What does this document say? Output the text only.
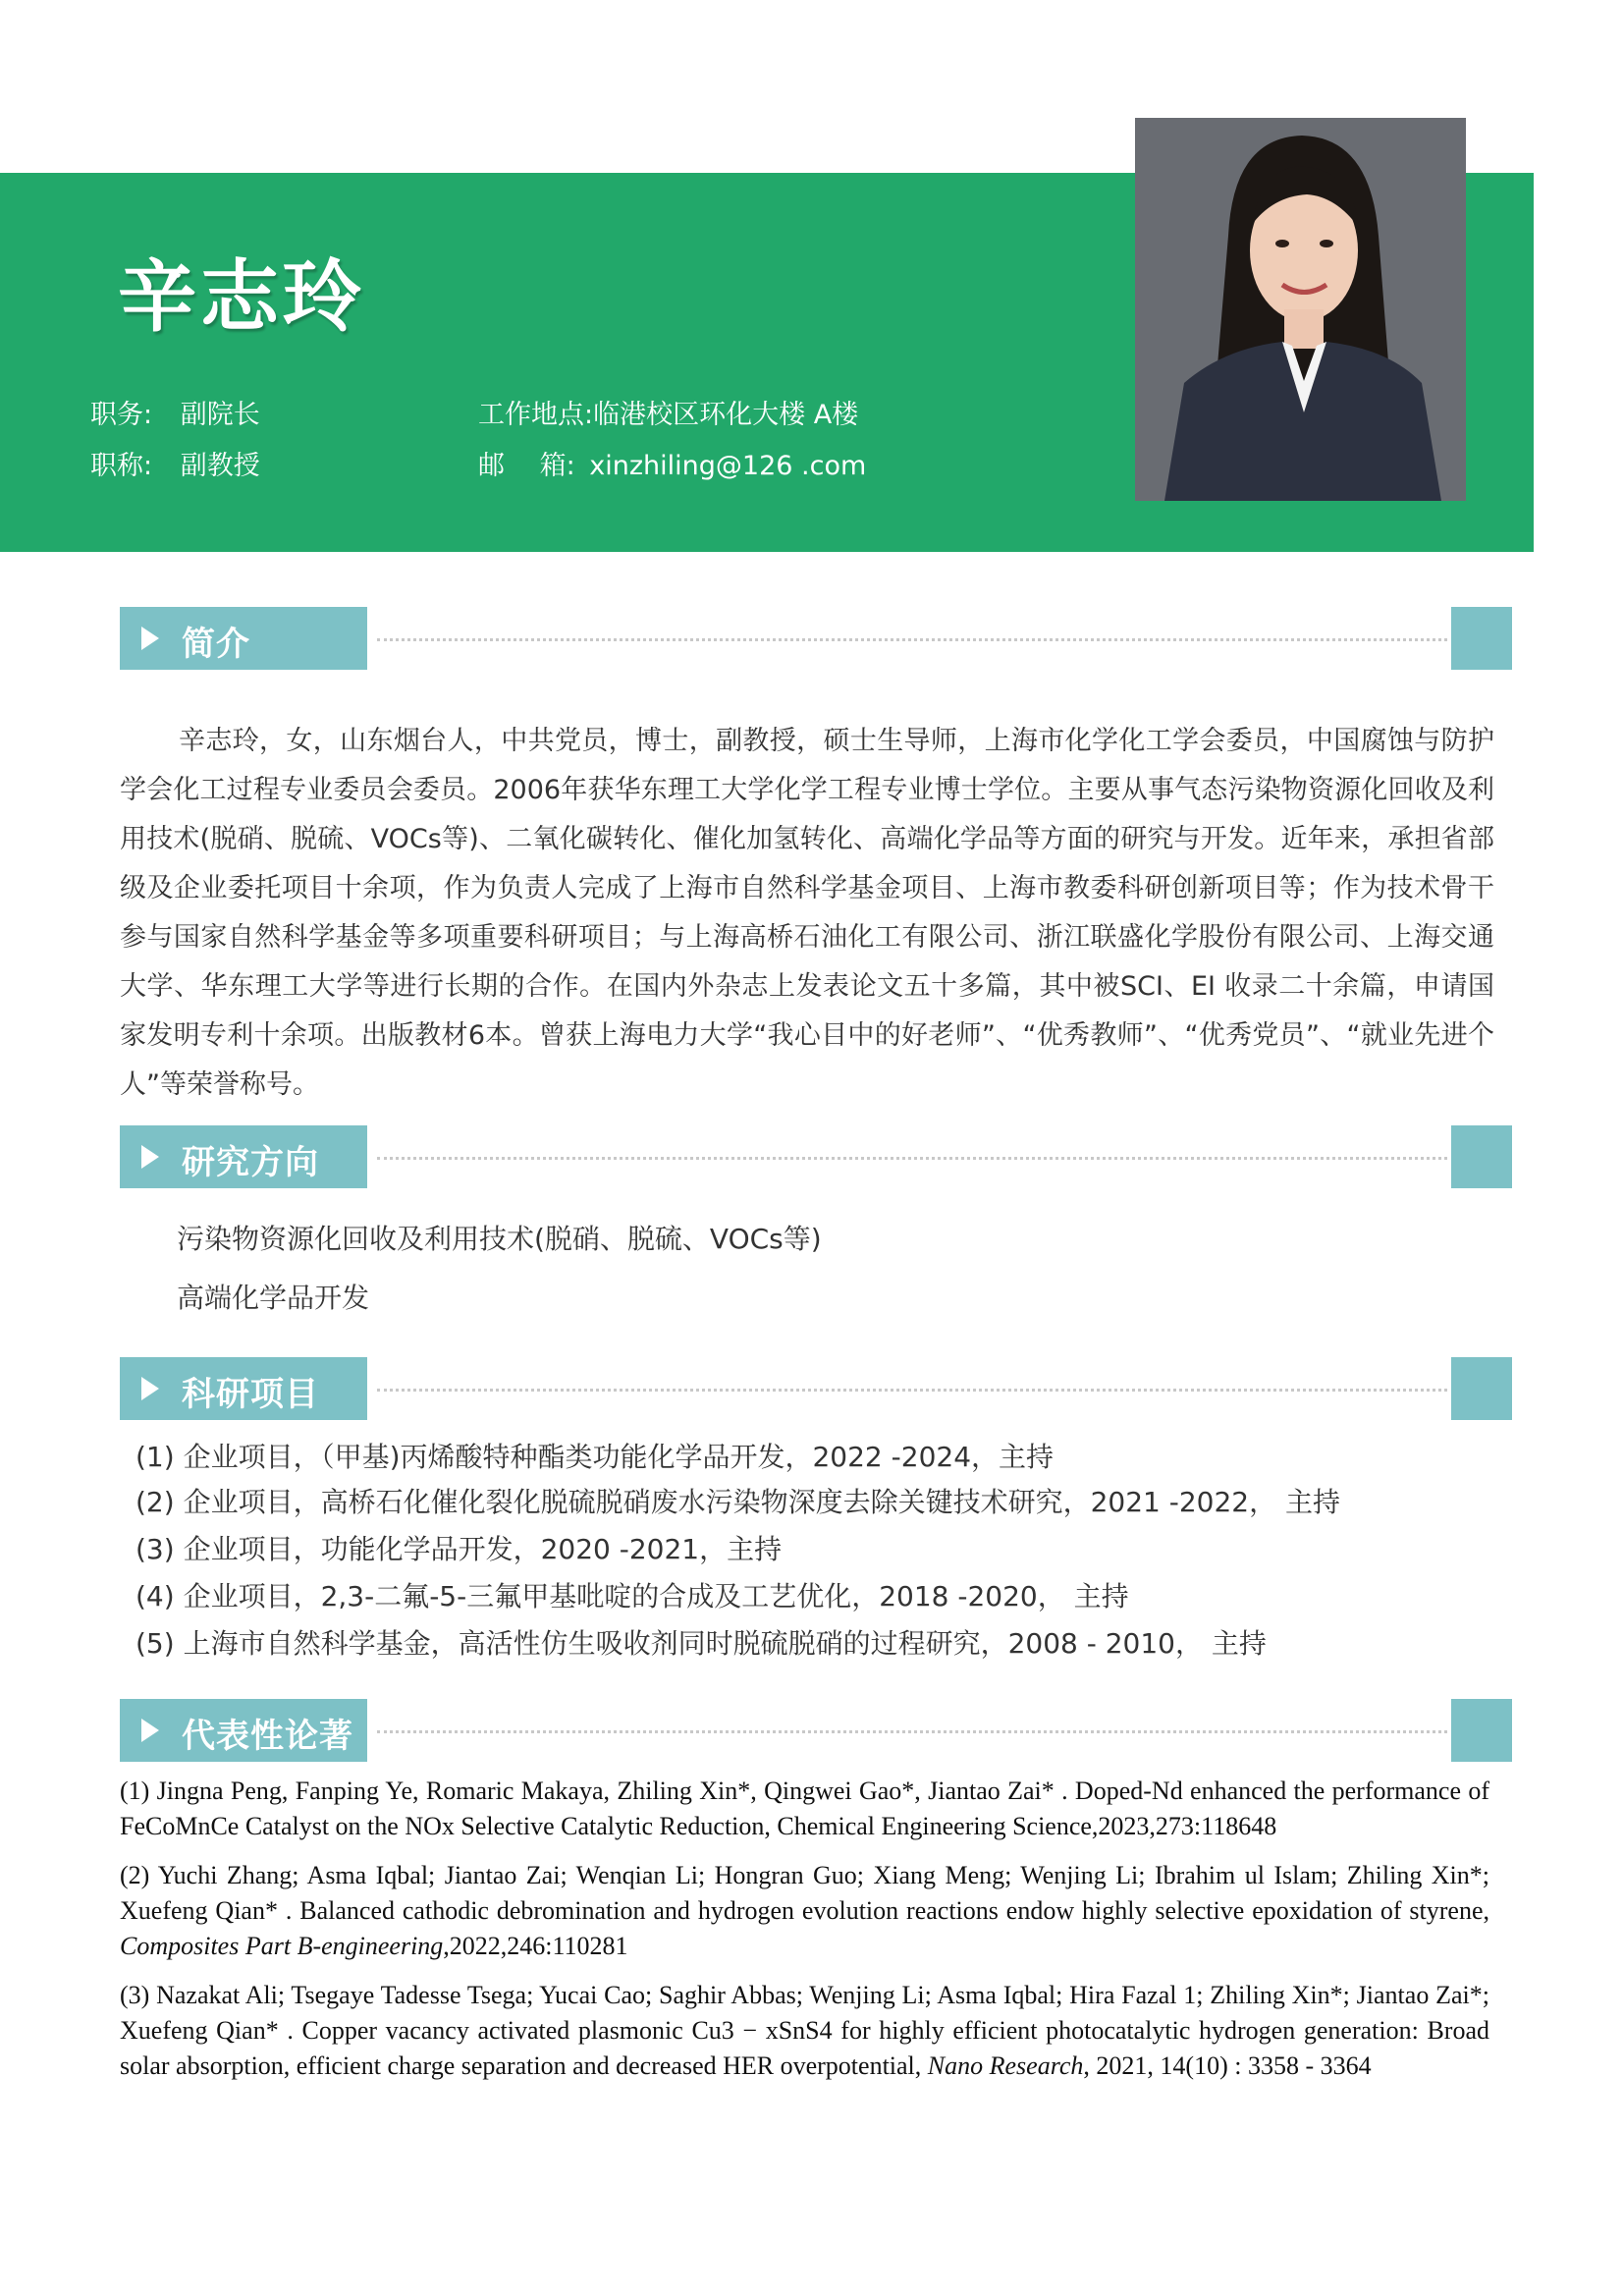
辛志玲
职务: 副院长
职称: 副教授
工作地点:临港校区环化大楼 A楼
邮　 箱: xinzhiling@126 .com
简介
辛志玲，女，山东烟台人，中共党员，博士，副教授，硕士生导师，上海市化学化工学会委员，中国腐蚀与防护学会化工过程专业委员会委员。2006年获华东理工大学化学工程专业博士学位。主要从事气态污染物资源化回收及利用技术(脱硝、脱硫、VOCs等)、二氧化碳转化、催化加氢转化、高端化学品等方面的研究与开发。近年来，承担省部级及企业委托项目十余项，作为负责人完成了上海市自然科学基金项目、上海市教委科研创新项目等；作为技术骨干参与国家自然科学基金等多项重要科研项目；与上海高桥石油化工有限公司、浙江联盛化学股份有限公司、上海交通大学、华东理工大学等进行长期的合作。在国内外杂志上发表论文五十多篇，其中被SCI、EI 收录二十余篇，申请国家发明专利十余项。出版教材6本。曾获上海电力大学“我心目中的好老师”、“优秀教师”、“优秀党员”、“就业先进个人”等荣誉称号。
研究方向
污染物资源化回收及利用技术(脱硝、脱硫、VOCs等)
高端化学品开发
科研项目
(1) 企业项目，（甲基)丙烯酸特种酯类功能化学品开发，2022 -2024，主持
(2) 企业项目，高桥石化催化裂化脱硫脱硝废水污染物深度去除关键技术研究，2021 -2022， 主持
(3) 企业项目，功能化学品开发，2020 -2021，主持
(4) 企业项目，2,3-二氟-5-三氟甲基吡啶的合成及工艺优化，2018 -2020， 主持
(5) 上海市自然科学基金，高活性仿生吸收剂同时脱硫脱硝的过程研究，2008 - 2010， 主持
代表性论著
(1) Jingna Peng, Fanping Ye, Romaric Makaya, Zhiling Xin*, Qingwei Gao*, Jiantao Zai* . Doped-Nd enhanced the performance of FeCoMnCe Catalyst on the NOx Selective Catalytic Reduction, Chemical Engineering Science,2023,273:118648
(2) Yuchi Zhang; Asma Iqbal; Jiantao Zai; Wenqian Li; Hongran Guo; Xiang Meng; Wenjing Li; Ibrahim ul Islam; Zhiling Xin*; Xuefeng Qian* . Balanced cathodic debromination and hydrogen evolution reactions endow highly selective epoxidation of styrene, Composites Part B-engineering,2022,246:110281
(3) Nazakat Ali; Tsegaye Tadesse Tsega; Yucai Cao; Saghir Abbas; Wenjing Li; Asma Iqbal; Hira Fazal 1; Zhiling Xin*; Jiantao Zai*; Xuefeng Qian* . Copper vacancy activated plasmonic Cu3 − xSnS4 for highly efficient photocatalytic hydrogen generation: Broad solar absorption, efficient charge separation and decreased HER overpotential, Nano Research, 2021, 14(10) : 3358 - 3364
